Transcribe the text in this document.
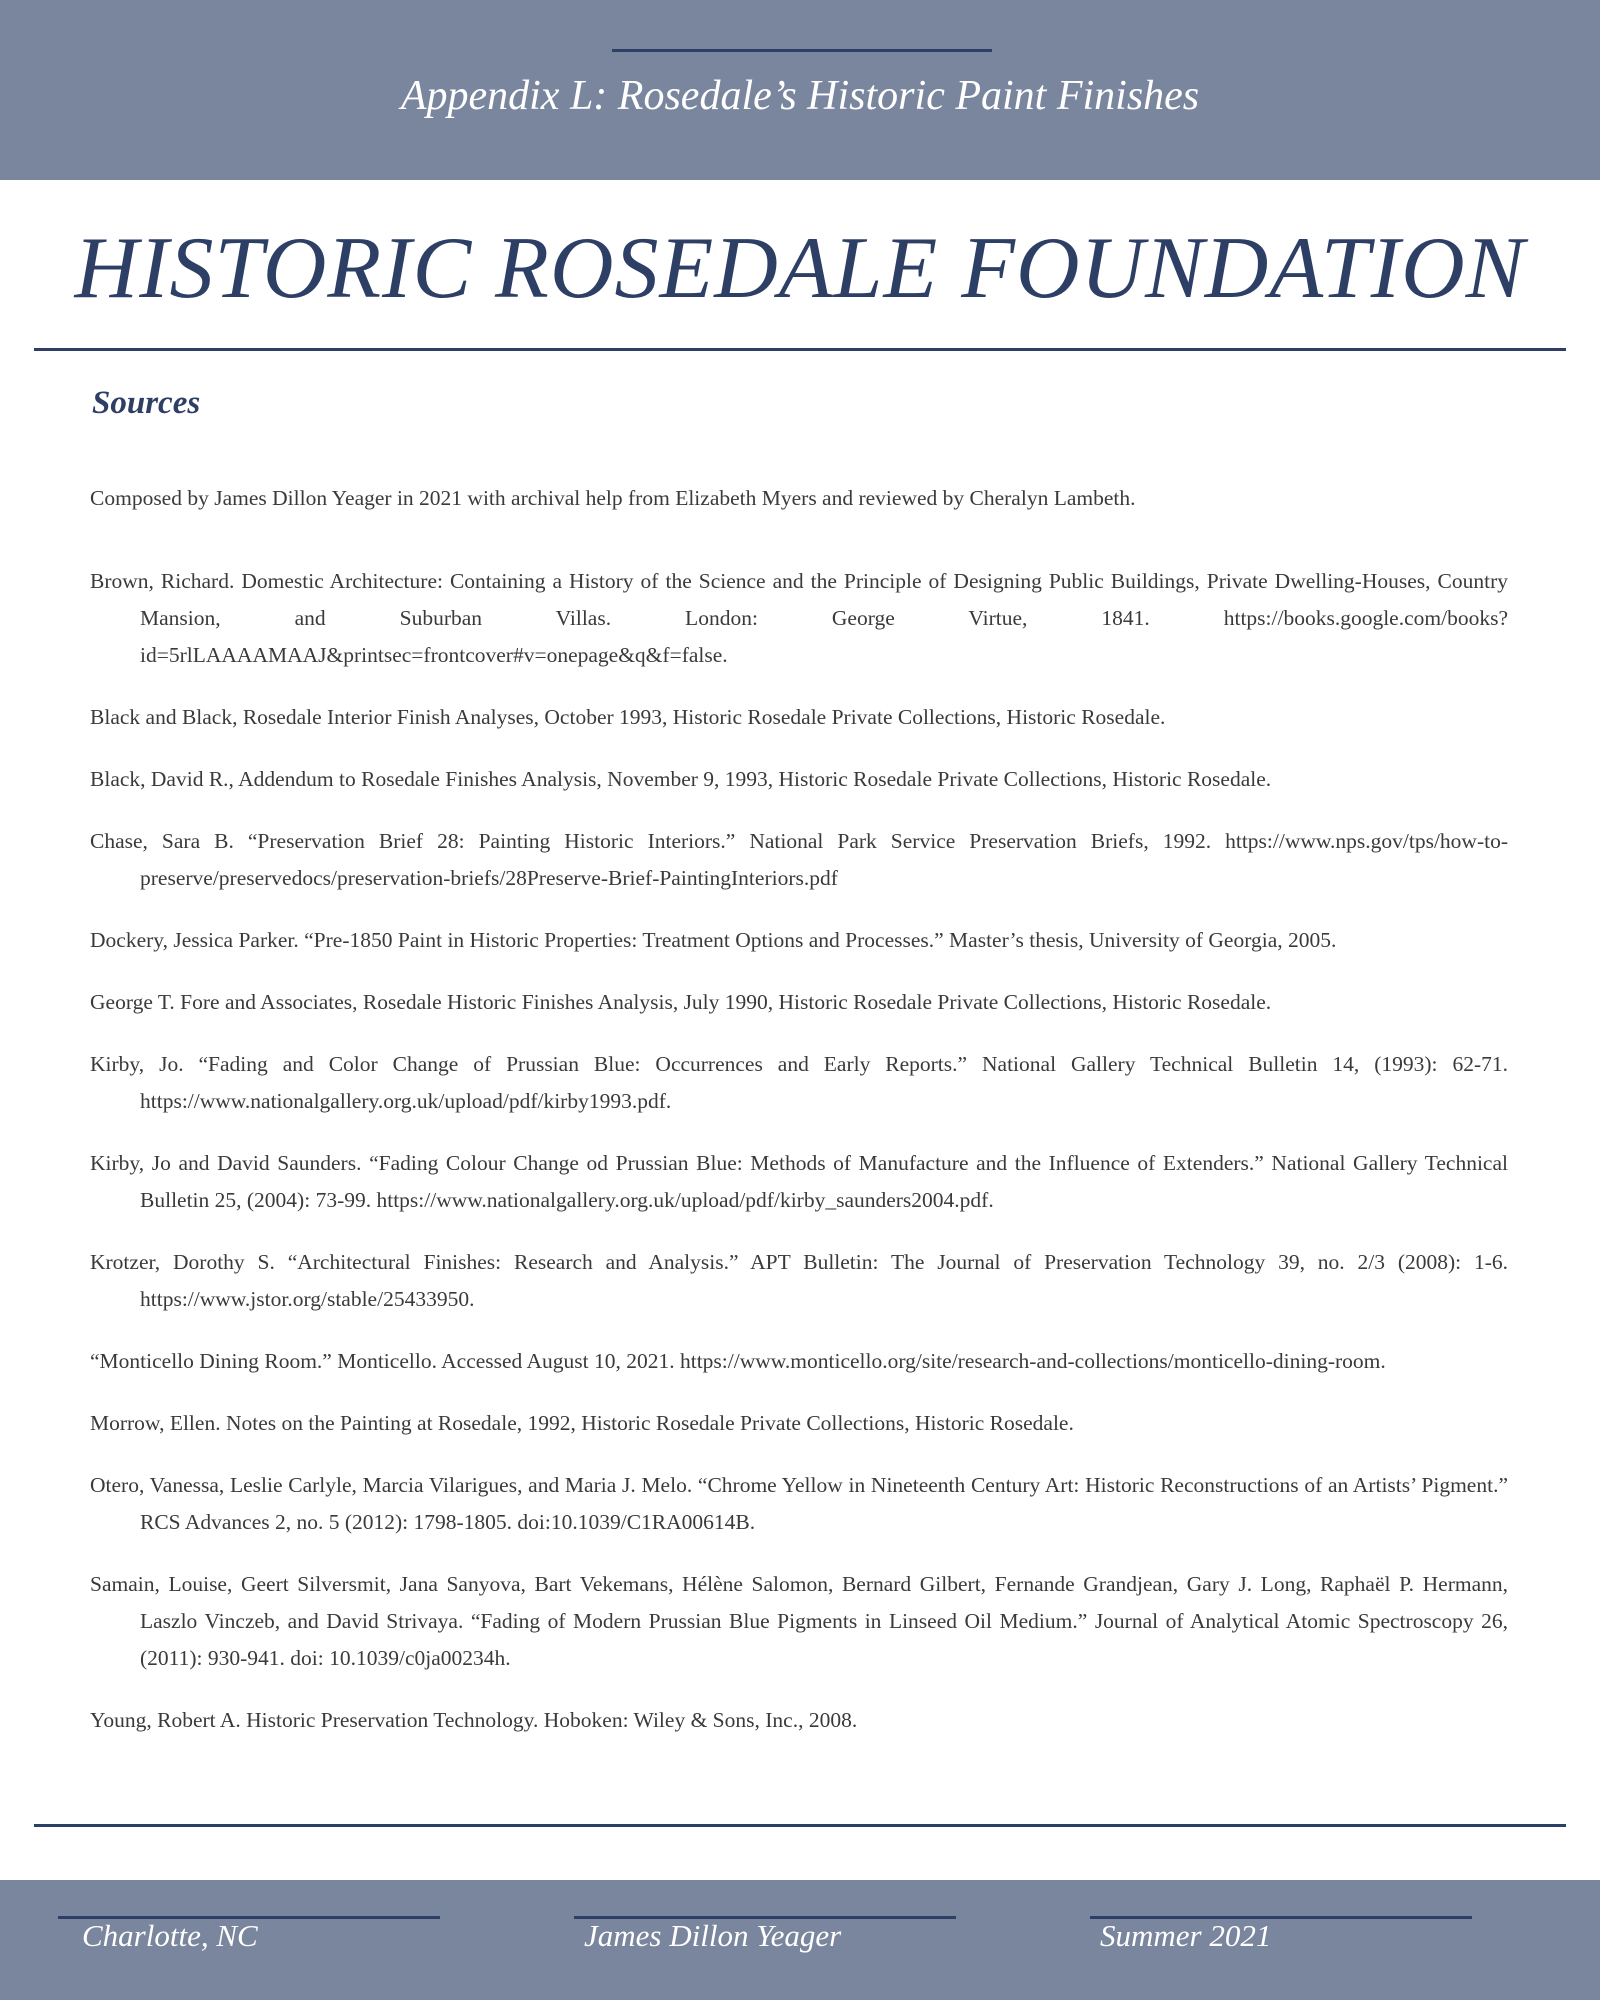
Appendix L: Rosedale’s Historic Paint Finishes
HISTORIC ROSEDALE FOUNDATION
Sources

Composed by James Dillon Yeager in 2021 with archival help from Elizabeth Myers and reviewed by Cheralyn Lambeth.

Brown, Richard. Domestic Architecture: Containing a History of the Science and the Principle of Designing Public Buildings, Private Dwelling-Houses, Country Mansion, and Suburban Villas. London: George Virtue, 1841. https://books.google.com/books?id=5rlLAAAAMAAJ&printsec=frontcover#v=onepage&q&f=false.

Black and Black, Rosedale Interior Finish Analyses, October 1993, Historic Rosedale Private Collections, Historic Rosedale.

Black, David R., Addendum to Rosedale Finishes Analysis, November 9, 1993, Historic Rosedale Private Collections, Historic Rosedale.

Chase, Sara B. “Preservation Brief 28: Painting Historic Interiors.” National Park Service Preservation Briefs, 1992. https://www.nps.gov/tps/how-to-preserve/preservedocs/preservation-briefs/28Preserve-Brief-PaintingInteriors.pdf

Dockery, Jessica Parker. “Pre-1850 Paint in Historic Properties: Treatment Options and Processes.” Master’s thesis, University of Georgia, 2005.

George T. Fore and Associates, Rosedale Historic Finishes Analysis, July 1990, Historic Rosedale Private Collections, Historic Rosedale.

Kirby, Jo. “Fading and Color Change of Prussian Blue: Occurrences and Early Reports.” National Gallery Technical Bulletin 14, (1993): 62-71. https://www.nationalgallery.org.uk/upload/pdf/kirby1993.pdf.

Kirby, Jo and David Saunders. “Fading Colour Change od Prussian Blue: Methods of Manufacture and the Influence of Extenders.” National Gallery Technical Bulletin 25, (2004): 73-99. https://www.nationalgallery.org.uk/upload/pdf/kirby_saunders2004.pdf.

Krotzer, Dorothy S. “Architectural Finishes: Research and Analysis.” APT Bulletin: The Journal of Preservation Technology 39, no. 2/3 (2008): 1-6. https://www.jstor.org/stable/25433950.

“Monticello Dining Room.” Monticello. Accessed August 10, 2021. https://www.monticello.org/site/research-and-collections/monticello-dining-room.

Morrow, Ellen. Notes on the Painting at Rosedale, 1992, Historic Rosedale Private Collections, Historic Rosedale.

Otero, Vanessa, Leslie Carlyle, Marcia Vilarigues, and Maria J. Melo. “Chrome Yellow in Nineteenth Century Art: Historic Reconstructions of an Artists’ Pigment.” RCS Advances 2, no. 5 (2012): 1798-1805. doi:10.1039/C1RA00614B.

Samain, Louise, Geert Silversmit, Jana Sanyova, Bart Vekemans, Hélène Salomon, Bernard Gilbert, Fernande Grandjean, Gary J. Long, Raphaël P. Hermann, Laszlo Vinczeb, and David Strivaya. “Fading of Modern Prussian Blue Pigments in Linseed Oil Medium.” Journal of Analytical Atomic Spectroscopy 26, (2011): 930-941. doi: 10.1039/c0ja00234h.

Young, Robert A. Historic Preservation Technology. Hoboken: Wiley & Sons, Inc., 2008.

Charlotte, NC	James Dillon Yeager	Summer 2021
